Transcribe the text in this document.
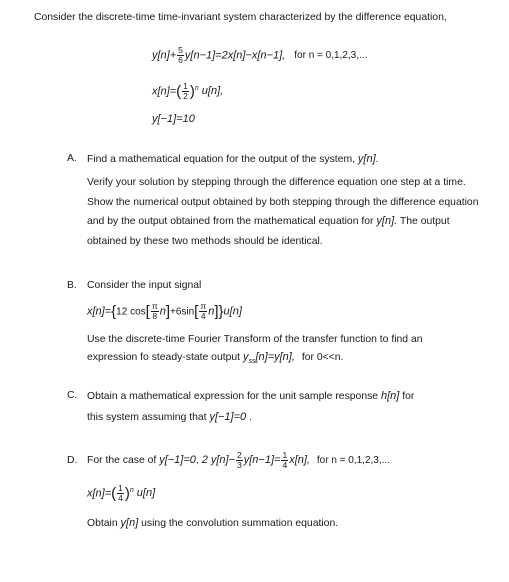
Consider the discrete-time time-invariant system characterized by the difference equation,
$y[n]+ \frac{5}{6} y[n-1]=2x[n]-x[n-1]$, for n = 0,1,2,3,...
$x[n]=( \frac{1}{2} )^n$ u[n],
y[−1]=10
A. Find a mathematical equation for the output of the system, y[n].
Verify your solution by stepping through the difference equation one step at a time. Show the numerical output obtained by both stepping through the difference equation and by the output obtained from the mathematical equation for y[n]. The output obtained by these two methods should be identical.
B. Consider the input signal
x[n]={12 $\cos[ \frac{\pi}{8} n]+6\sin[ \frac{\pi}{4} n]\}u[n]$
Use the discrete-time Fourier Transform of the transfer function to find an
expression fo steady-state output $y_{ss}[n]=y[n]$, for 0<<n.
C. Obtain a mathematical expression for the unit sample response h[n] for
this system assuming that y[−1]=0 .
D. For the case of y[−1]=0, 2 $y[n]- \frac{2}{3} y[n-1]= \frac{1}{4} x[n]$, for n = 0,1,2,3,...
$x[n]=( \frac{1}{4} )^n$ u[n]
Obtain y[n] using the convolution summation equation.
